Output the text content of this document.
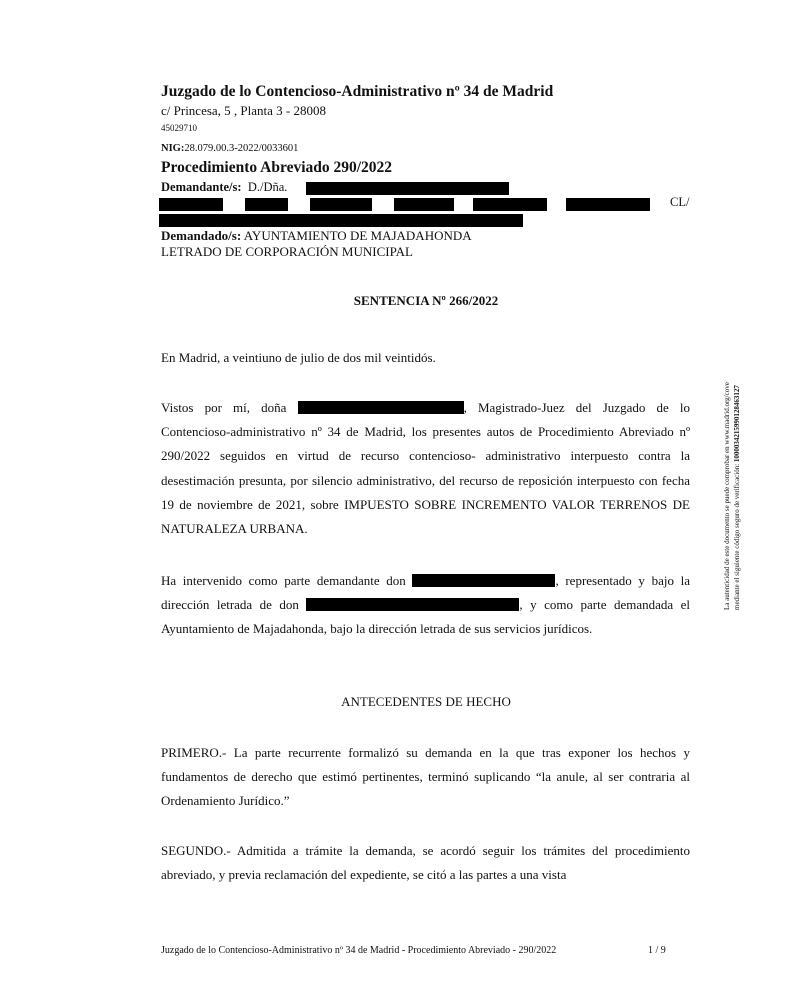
Juzgado de lo Contencioso-Administrativo nº 34 de Madrid
c/ Princesa, 5 , Planta 3 - 28008
45029710
NIG:28.079.00.3-2022/0033601
Procedimiento Abreviado 290/2022
Demandante/s: D./Dña.
CL/
Demandado/s: AYUNTAMIENTO DE MAJADAHONDA
LETRADO DE CORPORACIÓN MUNICIPAL
SENTENCIA Nº 266/2022
En Madrid, a veintiuno de julio de dos mil veintidós.
Vistos por mí, doña	, Magistrado-Juez del Juzgado de lo Contencioso-administrativo nº 34 de Madrid, los presentes autos de Procedimiento Abreviado nº 290/2022 seguidos en virtud de recurso contencioso- administrativo interpuesto contra la desestimación presunta, por silencio administrativo, del recurso de reposición interpuesto con fecha 19 de noviembre de 2021, sobre IMPUESTO SOBRE INCREMENTO VALOR TERRENOS DE NATURALEZA URBANA.
Ha intervenido como parte demandante don	, representado y bajo la dirección letrada de don	, y como parte demandada el Ayuntamiento de Majadahonda, bajo la dirección letrada de sus servicios jurídicos.
ANTECEDENTES DE HECHO
PRIMERO.- La parte recurrente formalizó su demanda en la que tras exponer los hechos y fundamentos de derecho que estimó pertinentes, terminó suplicando “la anule, al ser contraria al Ordenamiento Jurídico.”
SEGUNDO.- Admitida a trámite la demanda, se acordó seguir los trámites del procedimiento abreviado, y previa reclamación del expediente, se citó a las partes a una vista
Juzgado de lo Contencioso-Administrativo nº 34 de Madrid - Procedimiento Abreviado - 290/2022	1 / 9
La autenticidad de este documento se puede comprobar en www.madrid.org/cove mediante el siguiente código seguro de verificación: 1000034215990128463127
